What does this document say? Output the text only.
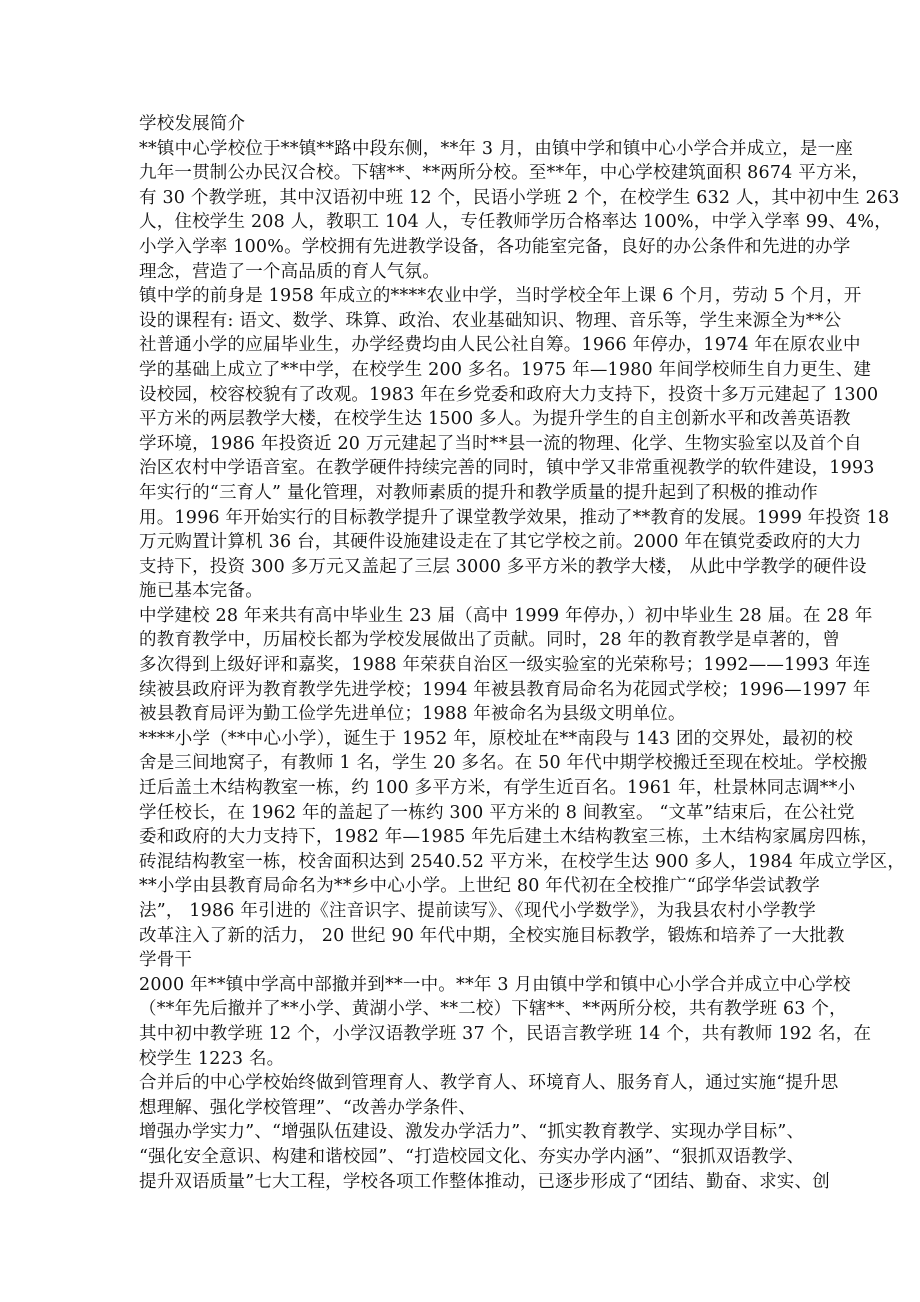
学校发展简介
**镇中心学校位于**镇**路中段东侧，**年 3 月，由镇中学和镇中心小学合并成立，是一座
九年一贯制公办民汉合校。下辖**、**两所分校。至**年，中心学校建筑面积 8674 平方米，
有 30 个教学班，其中汉语初中班 12 个，民语小学班 2 个，在校学生 632 人，其中初中生 263
人，住校学生 208 人，教职工 104 人，专任教师学历合格率达 100%，中学入学率 99、4%，
小学入学率 100%。学校拥有先进教学设备，各功能室完备，良好的办公条件和先进的办学
理念，营造了一个高品质的育人气氛。
镇中学的前身是 1958 年成立的****农业中学，当时学校全年上课 6 个月，劳动 5 个月，开
设的课程有: 语文、数学、珠算、政治、农业基础知识、物理、音乐等，学生来源全为**公
社普通小学的应届毕业生，办学经费均由人民公社自筹。1966 年停办，1974 年在原农业中
学的基础上成立了**中学，在校学生 200 多名。1975 年—1980 年间学校师生自力更生、建
设校园，校容校貌有了改观。1983 年在乡党委和政府大力支持下，投资十多万元建起了 1300
平方米的两层教学大楼，在校学生达 1500 多人。为提升学生的自主创新水平和改善英语教
学环境，1986 年投资近 20 万元建起了当时**县一流的物理、化学、生物实验室以及首个自
治区农村中学语音室。在教学硬件持续完善的同时，镇中学又非常重视教学的软件建设，1993
年实行的“三育人” 量化管理，对教师素质的提升和教学质量的提升起到了积极的推动作
用。1996 年开始实行的目标教学提升了课堂教学效果，推动了**教育的发展。1999 年投资 18
万元购置计算机 36 台，其硬件设施建设走在了其它学校之前。2000 年在镇党委政府的大力
支持下，投资 300 多万元又盖起了三层 3000 多平方米的教学大楼， 从此中学教学的硬件设
施已基本完备。
中学建校 28 年来共有高中毕业生 23 届（高中 1999 年停办，）初中毕业生 28 届。在 28 年
的教育教学中，历届校长都为学校发展做出了贡献。同时，28 年的教育教学是卓著的，曾
多次得到上级好评和嘉奖，1988 年荣获自治区一级实验室的光荣称号；1992——1993 年连
续被县政府评为教育教学先进学校；1994 年被县教育局命名为花园式学校；1996—1997 年
被县教育局评为勤工俭学先进单位；1988 年被命名为县级文明单位。
****小学（**中心小学），诞生于 1952 年，原校址在**南段与 143 团的交界处，最初的校
舍是三间地窝子，有教师 1 名，学生 20 多名。在 50 年代中期学校搬迁至现在校址。学校搬
迁后盖土木结构教室一栋，约 100 多平方米，有学生近百名。1961 年，杜景林同志调**小
学任校长，在 1962 年的盖起了一栋约 300 平方米的 8 间教室。 “文革”结束后，在公社党
委和政府的大力支持下，1982 年—1985 年先后建土木结构教室三栋，土木结构家属房四栋，
砖混结构教室一栋，校舍面积达到 2540.52 平方米，在校学生达 900 多人，1984 年成立学区，
**小学由县教育局命名为**乡中心小学。上世纪 80 年代初在全校推广“邱学华尝试教学
法”， 1986 年引进的《注音识字、提前读写》、《现代小学数学》，为我县农村小学教学
改革注入了新的活力， 20 世纪 90 年代中期，全校实施目标教学，锻炼和培养了一大批教
学骨干
2000 年**镇中学高中部撤并到**一中。**年 3 月由镇中学和镇中心小学合并成立中心学校
（**年先后撤并了**小学、黄湖小学、**二校）下辖**、**两所分校，共有教学班 63 个，
其中初中教学班 12 个，小学汉语教学班 37 个，民语言教学班 14 个，共有教师 192 名，在
校学生 1223 名。
合并后的中心学校始终做到管理育人、教学育人、环境育人、服务育人，通过实施“提升思
想理解、强化学校管理”、“改善办学条件、
增强办学实力”、“增强队伍建设、激发办学活力”、“抓实教育教学、实现办学目标”、
“强化安全意识、构建和谐校园”、“打造校园文化、夯实办学内涵”、“狠抓双语教学、
提升双语质量”七大工程，学校各项工作整体推动，已逐步形成了“团结、勤奋、求实、创
